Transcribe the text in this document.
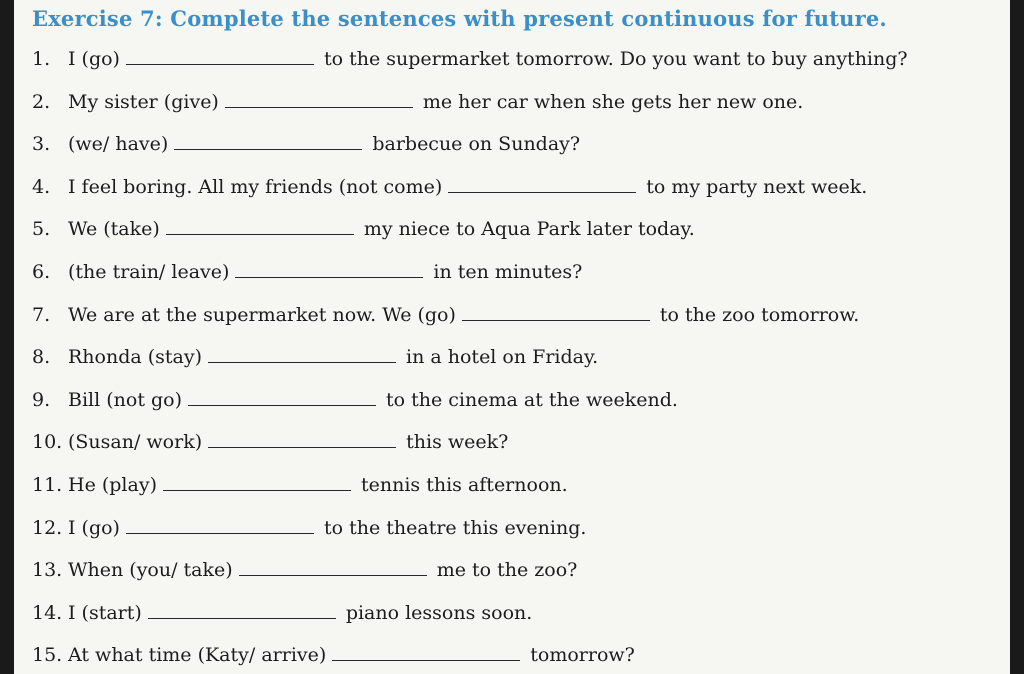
Exercise 7: Complete the sentences with present continuous for future.
1. I (go)	to the supermarket tomorrow. Do you want to buy anything?
2. My sister (give)	me her car when she gets her new one.
3. (we/ have)	barbecue on Sunday?
4. I feel boring. All my friends (not come)	to my party next week.
5. We (take)	my niece to Aqua Park later today.
6. (the train/ leave)	in ten minutes?
7. We are at the supermarket now. We (go)	to the zoo tomorrow.
8. Rhonda (stay)	in a hotel on Friday.
9. Bill (not go)	to the cinema at the weekend.
10. (Susan/ work)	this week?
11. He (play)	tennis this afternoon.
12. I (go)	to the theatre this evening.
13. When (you/ take)	me to the zoo?
14. I (start)	piano lessons soon.
15. At what time (Katy/ arrive)	tomorrow?
